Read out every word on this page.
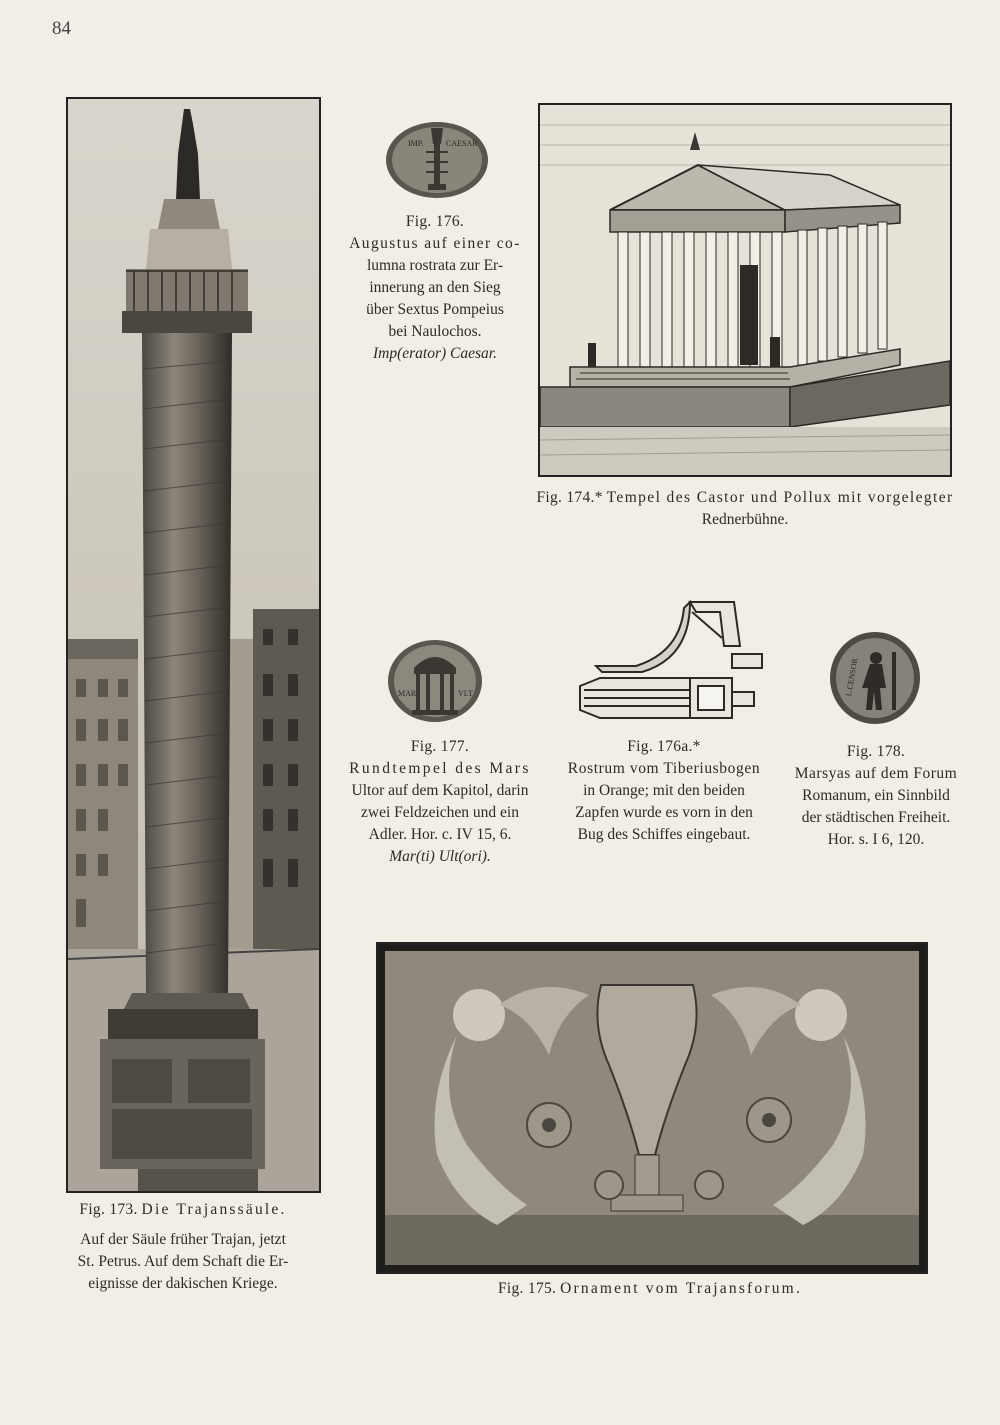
84
Fig. 173. Die Trajanssäule.
Auf der Säule früher Trajan, jetzt
St. Petrus. Auf dem Schaft die Er-
eignisse der dakischen Kriege.
IMP.	CAESAR
Fig. 176.
Augustus auf einer co-
lumna rostrata zur Er-
innerung an den Sieg
über Sextus Pompeius
bei Naulochos.
Imp(erator) Caesar.
Fig. 174.* Tempel des Castor und Pollux mit vorgelegter
Rednerbühne.
MAR	VLT
Fig. 177.
Rundtempel des Mars
Ultor auf dem Kapitol, darin
zwei Feldzeichen und ein
Adler. Hor. c. IV 15, 6.
Mar(ti) Ult(ori).
Fig. 176a.*
Rostrum vom Tiberiusbogen
in Orange; mit den beiden
Zapfen wurde es vorn in den
Bug des Schiffes eingebaut.
L.CENSOR
Fig. 178.
Marsyas auf dem Forum
Romanum, ein Sinnbild
der städtischen Freiheit.
Hor. s. I 6, 120.
Fig. 175. Ornament vom Trajansforum.
